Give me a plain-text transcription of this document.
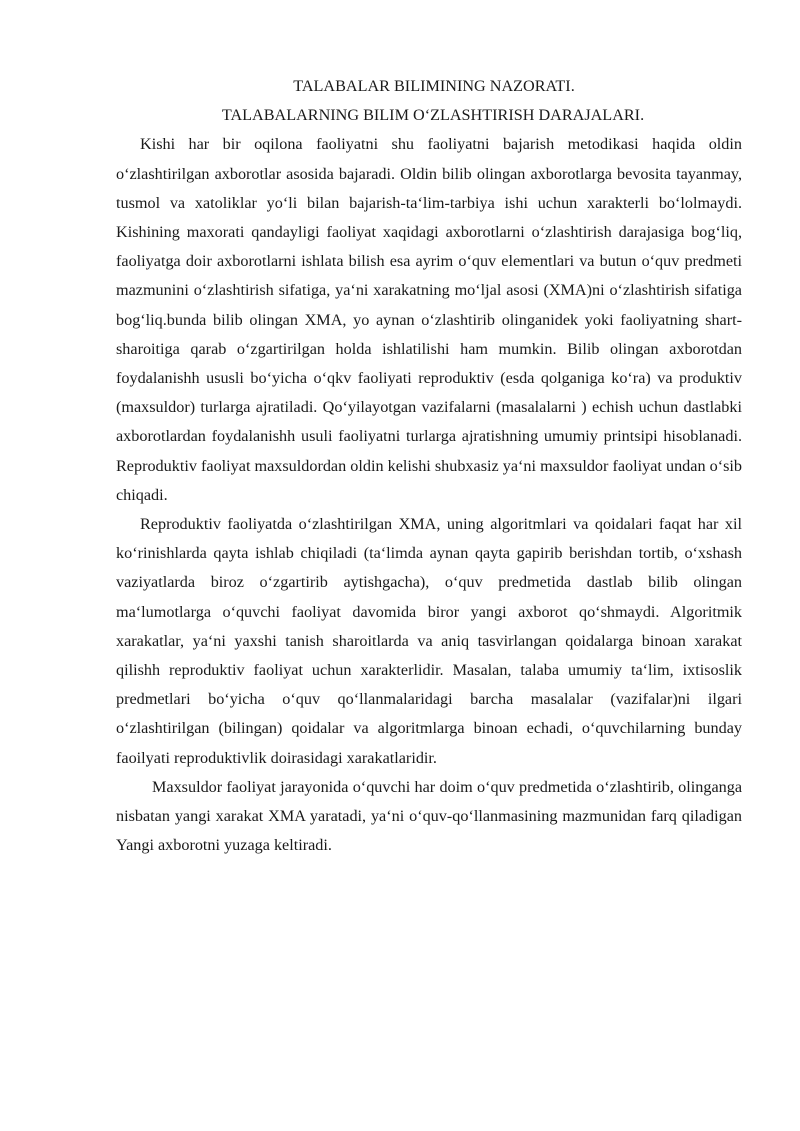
TALABALAR BILIMINING NAZORATI.

TALABALARNING BILIM O‘ZLASHTIRISH DARAJALARI.

Kishi har bir oqilona faoliyatni shu faoliyatni bajarish metodikasi haqida oldin o‘zlashtirilgan axborotlar asosida bajaradi. Oldin bilib olingan axborotlarga bevosita tayanmay, tusmol va xatoliklar yo‘li bilan bajarish-ta‘lim-tarbiya ishi uchun xarakterli bo‘lolmaydi. Kishining maxorati qandayligi faoliyat xaqidagi axborotlarni o‘zlashtirish darajasiga bog‘liq, faoliyatga doir axborotlarni ishlata bilish esa ayrim o‘quv elementlari va butun o‘quv predmeti mazmunini o‘zlashtirish sifatiga, ya‘ni xarakatning mo‘ljal asosi (XMA)ni o‘zlashtirish sifatiga bog‘liq.bunda bilib olingan XMA, yo aynan o‘zlashtirib olinganidek yoki faoliyatning shart-sharoitiga qarab o‘zgartirilgan holda ishlatilishi ham mumkin. Bilib olingan axborotdan foydalanishh ususli bo‘yicha o‘qkv faoliyati reproduktiv (esda qolganiga ko‘ra) va produktiv (maxsuldor) turlarga ajratiladi. Qo‘yilayotgan vazifalarni (masalalarni ) echish uchun dastlabki axborotlardan foydalanishh usuli faoliyatni turlarga ajratishning umumiy printsipi hisoblanadi. Reproduktiv faoliyat maxsuldordan oldin kelishi shubxasiz ya‘ni maxsuldor faoliyat undan o‘sib chiqadi.

Reproduktiv faoliyatda o‘zlashtirilgan XMA, uning algoritmlari va qoidalari faqat har xil ko‘rinishlarda qayta ishlab chiqiladi (ta‘limda aynan qayta gapirib berishdan tortib, o‘xshash vaziyatlarda biroz o‘zgartirib aytishgacha), o‘quv predmetida dastlab bilib olingan ma‘lumotlarga o‘quvchi faoliyat davomida biror yangi axborot qo‘shmaydi. Algoritmik xarakatlar, ya‘ni yaxshi tanish sharoitlarda va aniq tasvirlangan qoidalarga binoan xarakat qilishh reproduktiv faoliyat uchun xarakterlidir. Masalan, talaba umumiy ta‘lim, ixtisoslik predmetlari bo‘yicha o‘quv qo‘llanmalaridagi barcha masalalar (vazifalar)ni ilgari o‘zlashtirilgan (bilingan) qoidalar va algoritmlarga binoan echadi, o‘quvchilarning bunday faoilyati reproduktivlik doirasidagi xarakatlaridir.

Maxsuldor faoliyat jarayonida o‘quvchi har doim o‘quv predmetida o‘zlashtirib, olinganga nisbatan yangi xarakat XMA yaratadi, ya‘ni o‘quv-qo‘llanmasining mazmunidan farq qiladigan Yangi axborotni yuzaga keltiradi.
